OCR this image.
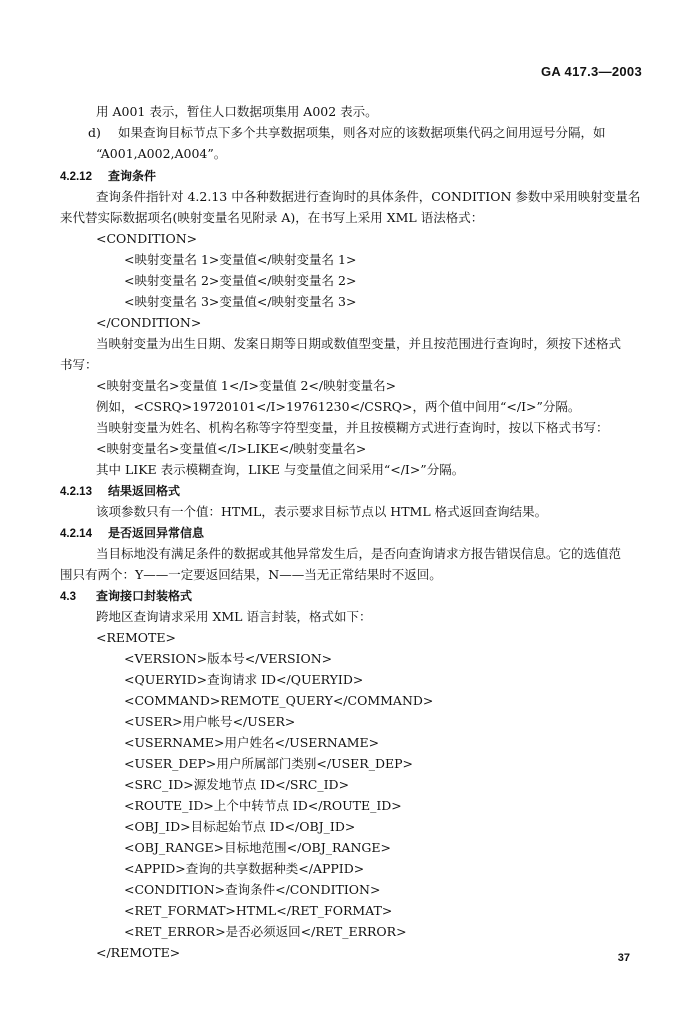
GA 417.3—2003
用 A001 表示，暂住人口数据项集用 A002 表示。
d) 如果查询目标节点下多个共享数据项集，则各对应的该数据项集代码之间用逗号分隔，如
“A001,A002,A004”。
4.2.12 查询条件
查询条件指针对 4.2.13 中各种数据进行查询时的具体条件，CONDITION 参数中采用映射变量名
来代替实际数据项名(映射变量名见附录 A)，在书写上采用 XML 语法格式：
<CONDITION>
<映射变量名 1>变量值</映射变量名 1>
<映射变量名 2>变量值</映射变量名 2>
<映射变量名 3>变量值</映射变量名 3>
</CONDITION>
当映射变量为出生日期、发案日期等日期或数值型变量，并且按范围进行查询时，须按下述格式
书写：
<映射变量名>变量值 1</I>变量值 2</映射变量名>
例如，<CSRQ>19720101</I>19761230</CSRQ>，两个值中间用“</I>”分隔。
当映射变量为姓名、机构名称等字符型变量，并且按模糊方式进行查询时，按以下格式书写：
<映射变量名>变量值</I>LIKE</映射变量名>
其中 LIKE 表示模糊查询，LIKE 与变量值之间采用“</I>”分隔。
4.2.13 结果返回格式
该项参数只有一个值：HTML，表示要求目标节点以 HTML 格式返回查询结果。
4.2.14 是否返回异常信息
当目标地没有满足条件的数据或其他异常发生后，是否向查询请求方报告错误信息。它的选值范
围只有两个：Y——一定要返回结果，N——当无正常结果时不返回。
4.3 查询接口封装格式
跨地区查询请求采用 XML 语言封装，格式如下：
<REMOTE>
<VERSION>版本号</VERSION>
<QUERYID>查询请求 ID</QUERYID>
<COMMAND>REMOTE_QUERY</COMMAND>
<USER>用户帐号</USER>
<USERNAME>用户姓名</USERNAME>
<USER_DEP>用户所属部门类别</USER_DEP>
<SRC_ID>源发地节点 ID</SRC_ID>
<ROUTE_ID>上个中转节点 ID</ROUTE_ID>
<OBJ_ID>目标起始节点 ID</OBJ_ID>
<OBJ_RANGE>目标地范围</OBJ_RANGE>
<APPID>查询的共享数据种类</APPID>
<CONDITION>查询条件</CONDITION>
<RET_FORMAT>HTML</RET_FORMAT>
<RET_ERROR>是否必须返回</RET_ERROR>
</REMOTE>	37
